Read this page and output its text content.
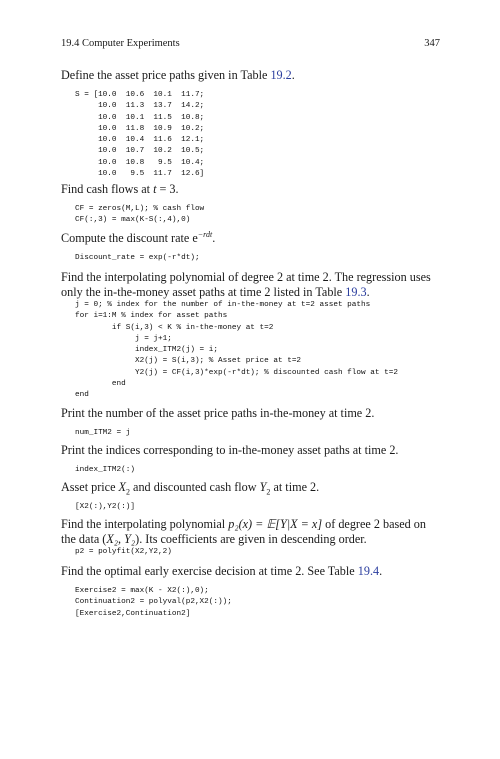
19.4 Computer Experiments	347
Define the asset price paths given in Table 19.2.
S = [10.0  10.6  10.1  11.7;
10.0  11.3  13.7  14.2;
10.0  10.1  11.5  10.8;
10.0  11.8  10.9  10.2;
10.0  10.4  11.6  12.1;
10.0  10.7  10.2  10.5;
10.0  10.8   9.5  10.4;
10.0   9.5  11.7  12.6]
Find cash flows at t = 3.
CF = zeros(M,L); % cash flow
CF(:,3) = max(K-S(:,4),0)
Compute the discount rate $e^{-rdt}$.
Discount_rate = exp(-r*dt);
Find the interpolating polynomial of degree 2 at time 2. The regression uses only the in-the-money asset paths at time 2 listed in Table 19.3.
j = 0; % index for the number of in-the-money at t=2 asset paths
for i=1:M % index for asset paths
if S(i,3) < K % in-the-money at t=2
j = j+1;
index_ITM2(j) = i;
X2(j) = S(i,3); % Asset price at t=2
Y2(j) = CF(i,3)*exp(-r*dt); % discounted cash flow at t=2
end
end
Print the number of the asset price paths in-the-money at time 2.
num_ITM2 = j
Print the indices corresponding to in-the-money asset paths at time 2.
index_ITM2(:)
Asset price $X_2$ and discounted cash flow $Y_2$ at time 2.
[X2(:),Y2(:)]
Find the interpolating polynomial p₂(x) = 𝔼[Y|X = x] of degree 2 based on the data (X₂, Y₂). Its coefficients are given in descending order.
p2 = polyfit(X2,Y2,2)
Find the optimal early exercise decision at time 2. See Table 19.4.
Exercise2 = max(K - X2(:),0);
Continuation2 = polyval(p2,X2(:));
[Exercise2,Continuation2]
